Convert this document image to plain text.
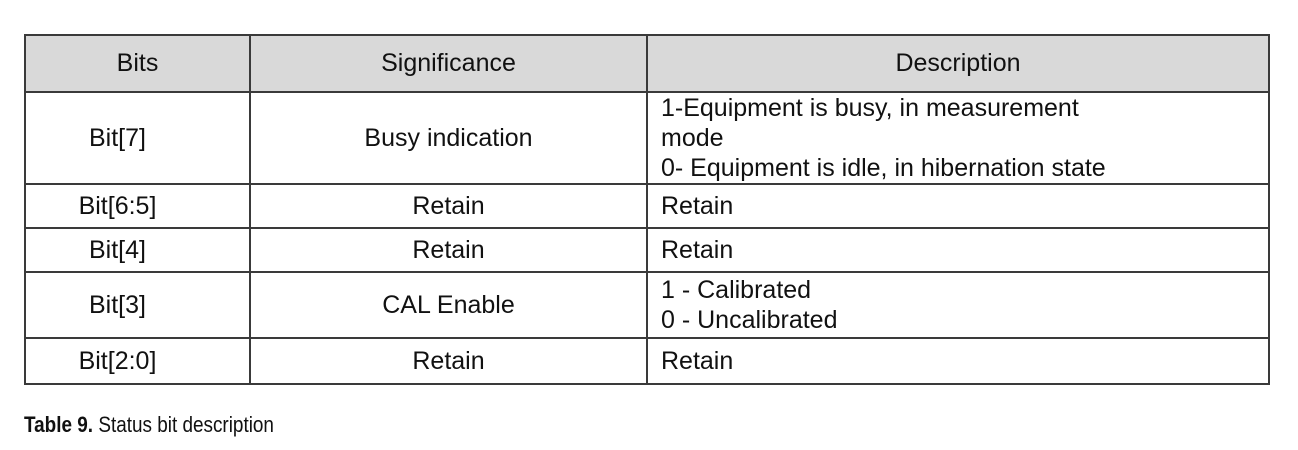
Bits	Significance	Description
Bit[7]	Busy indication	1-Equipment is busy, in measurement
mode
0- Equipment is idle, in hibernation state

Bit[6:5]	Retain	Retain

Bit[4]	Retain	Retain

Bit[3]	CAL Enable	1 - Calibrated
0 - Uncalibrated

Bit[2:0]	Retain	Retain
Table 9. Status bit description
